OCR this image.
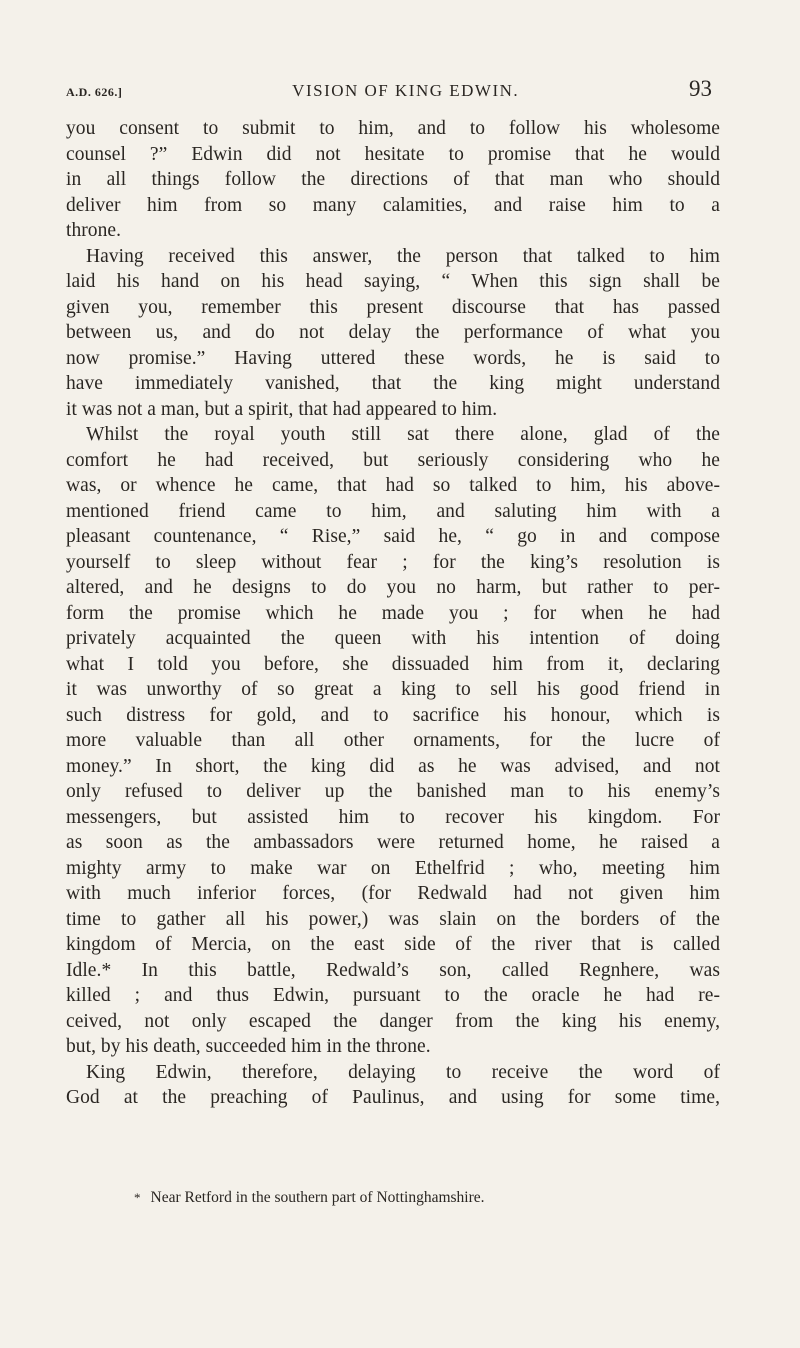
A.D. 626.]	VISION OF KING EDWIN.	93
you consent to submit to him, and to follow his wholesome
counsel ?” Edwin did not hesitate to promise that he would
in all things follow the directions of that man who should
deliver him from so many calamities, and raise him to a
throne.
Having received this answer, the person that talked to him
laid his hand on his head saying, “ When this sign shall be
given you, remember this present discourse that has passed
between us, and do not delay the performance of what you
now promise.” Having uttered these words, he is said to
have immediately vanished, that the king might understand
it was not a man, but a spirit, that had appeared to him.
Whilst the royal youth still sat there alone, glad of the
comfort he had received, but seriously considering who he
was, or whence he came, that had so talked to him, his above-
mentioned friend came to him, and saluting him with a
pleasant countenance, “ Rise,” said he, “ go in and compose
yourself to sleep without fear ; for the king’s resolution is
altered, and he designs to do you no harm, but rather to per-
form the promise which he made you ; for when he had
privately acquainted the queen with his intention of doing
what I told you before, she dissuaded him from it, declaring
it was unworthy of so great a king to sell his good friend in
such distress for gold, and to sacrifice his honour, which is
more valuable than all other ornaments, for the lucre of
money.” In short, the king did as he was advised, and not
only refused to deliver up the banished man to his enemy’s
messengers, but assisted him to recover his kingdom. For
as soon as the ambassadors were returned home, he raised a
mighty army to make war on Ethelfrid ; who, meeting him
with much inferior forces, (for Redwald had not given him
time to gather all his power,) was slain on the borders of the
kingdom of Mercia, on the east side of the river that is called
Idle.* In this battle, Redwald’s son, called Regnhere, was
killed ; and thus Edwin, pursuant to the oracle he had re-
ceived, not only escaped the danger from the king his enemy,
but, by his death, succeeded him in the throne.
King Edwin, therefore, delaying to receive the word of
God at the preaching of Paulinus, and using for some time,
* Near Retford in the southern part of Nottinghamshire.
